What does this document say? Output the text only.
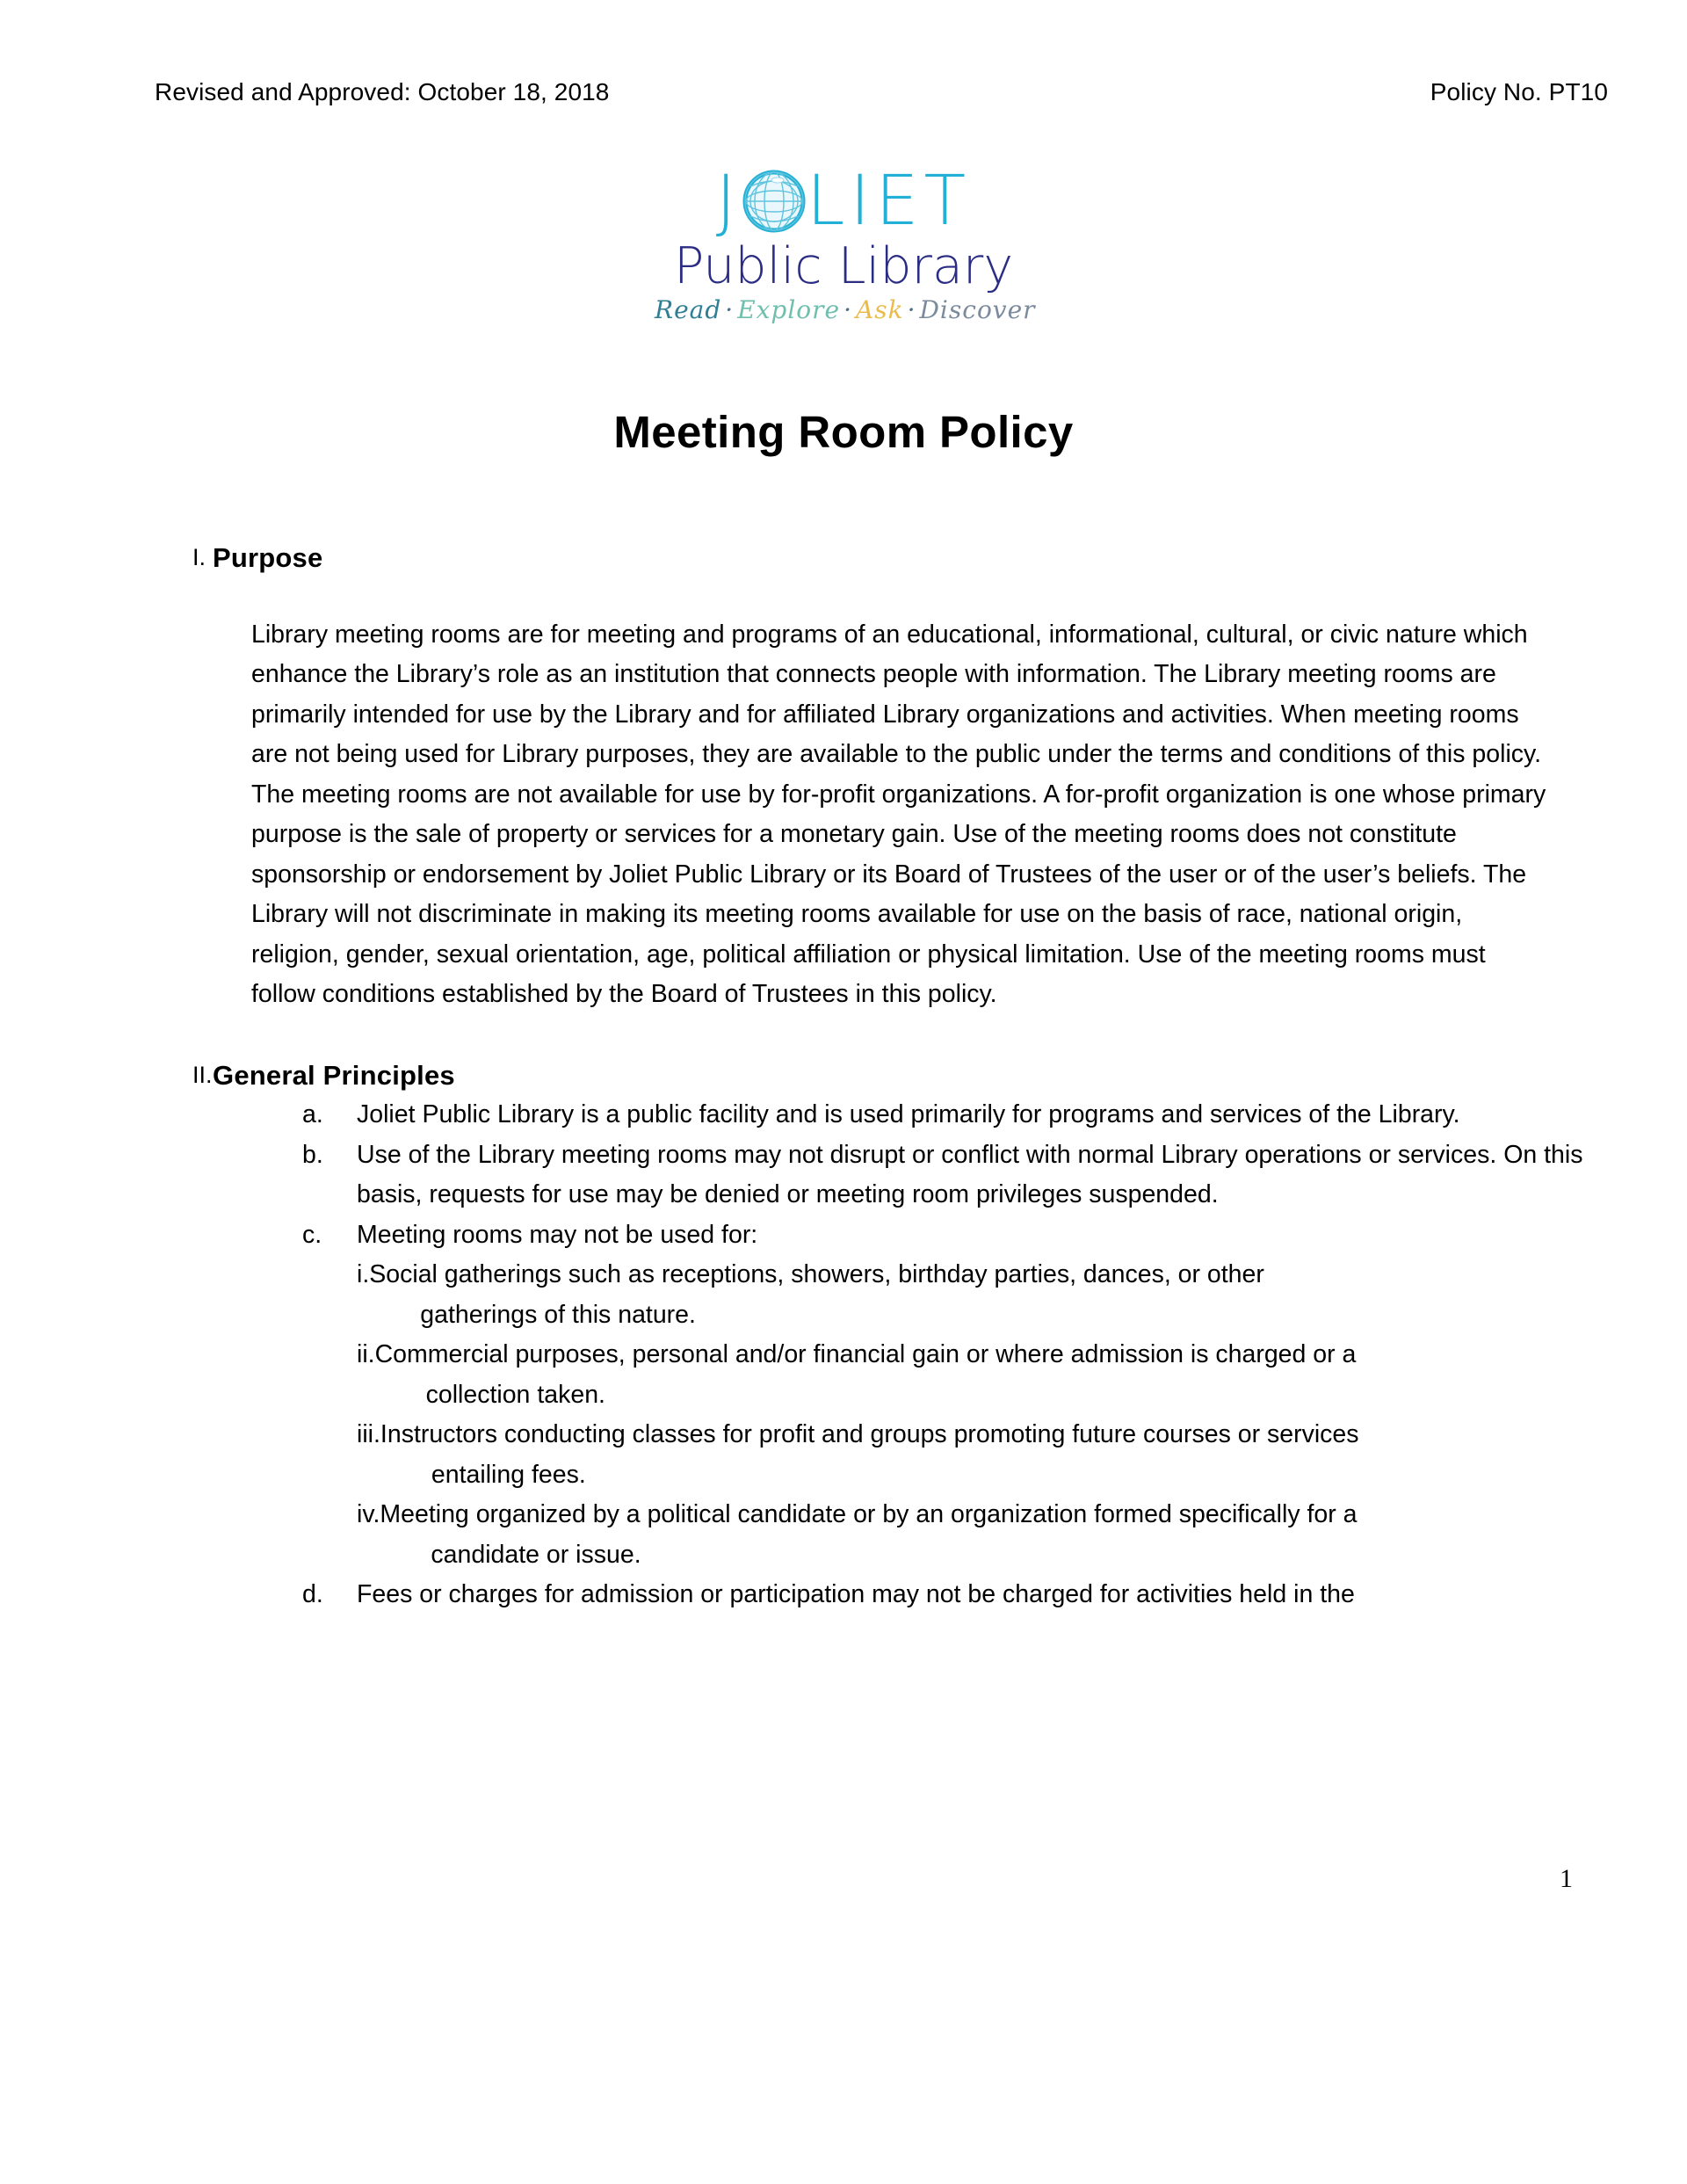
Revised and Approved: October 18, 2018	Policy No. PT10
J LIET
Public Library
Read · Explore · Ask · Discover
Meeting Room Policy
I. Purpose
Library meeting rooms are for meeting and programs of an educational, informational, cultural, or civic nature which enhance the Library’s role as an institution that connects people with information. The Library meeting rooms are primarily intended for use by the Library and for affiliated Library organizations and activities. When meeting rooms are not being used for Library purposes, they are available to the public under the terms and conditions of this policy. The meeting rooms are not available for use by for-profit organizations. A for-profit organization is one whose primary purpose is the sale of property or services for a monetary gain. Use of the meeting rooms does not constitute sponsorship or endorsement by Joliet Public Library or its Board of Trustees of the user or of the user’s beliefs. The Library will not discriminate in making its meeting rooms available for use on the basis of race, national origin, religion, gender, sexual orientation, age, political affiliation or physical limitation. Use of the meeting rooms must follow conditions established by the Board of Trustees in this policy.
II. General Principles
a.	Joliet Public Library is a public facility and is used primarily for programs and services of the Library.
b.	Use of the Library meeting rooms may not disrupt or conflict with normal Library operations or services. On this basis, requests for use may be denied or meeting room privileges suspended.
c.	Meeting rooms may not be used for:
i. Social gatherings such as receptions, showers, birthday parties, dances, or other
gatherings of this nature.
ii. Commercial purposes, personal and/or financial gain or where admission is charged or a
collection taken.
iii. Instructors conducting classes for profit and groups promoting future courses or services
entailing fees.
iv. Meeting organized by a political candidate or by an organization formed specifically for a
candidate or issue.
d.	Fees or charges for admission or participation may not be charged for activities held in the
1
